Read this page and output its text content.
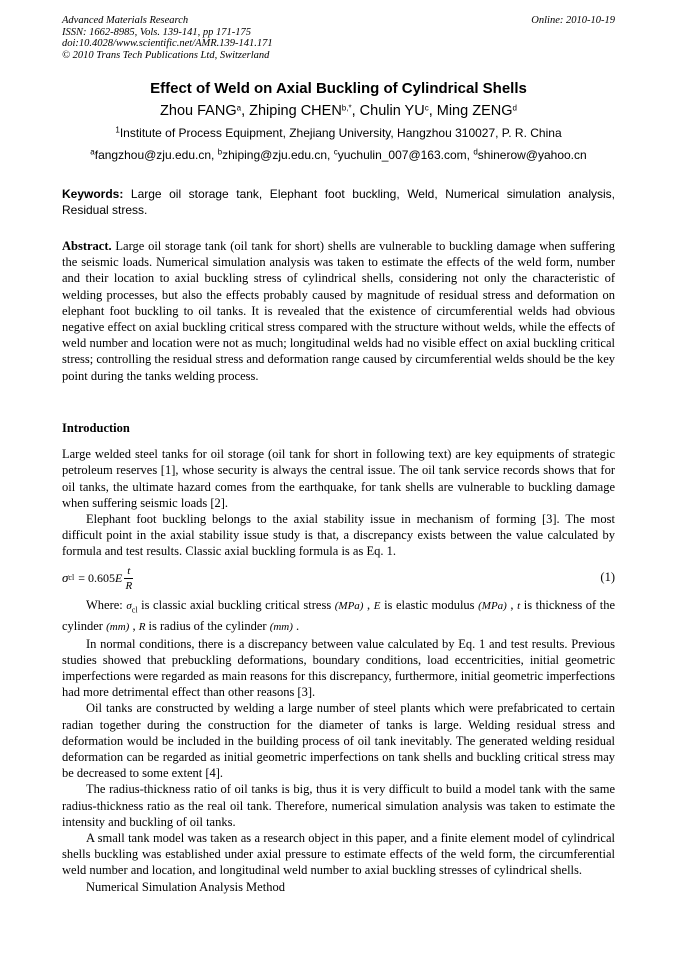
Advanced Materials Research
ISSN: 1662-8985, Vols. 139-141, pp 171-175
doi:10.4028/www.scientific.net/AMR.139-141.171
© 2010 Trans Tech Publications Ltd, Switzerland
Online: 2010-10-19
Effect of Weld on Axial Buckling of Cylindrical Shells
Zhou FANG$^a$, Zhiping $CHEN^{b,*}$, Chulin $YU^c$, Ming ZENG$^d$
$^1$Institute of Process Equipment, Zhejiang University, Hangzhou 310027, P. R. China
$^a$fangzhou@zju.edu.cn, $^b$zhiping@zju.edu.cn, $^c$yuchulin_007@163.com, $^d$shinerow@yahoo.cn
Keywords: Large oil storage tank, Elephant foot buckling, Weld, Numerical simulation analysis, Residual stress.
Abstract. Large oil storage tank (oil tank for short) shells are vulnerable to buckling damage when suffering the seismic loads. Numerical simulation analysis was taken to estimate the effects of the weld form, number and their location to axial buckling stress of cylindrical shells, considering not only the characteristic of welding processes, but also the effects probably caused by magnitude of residual stress and deformation on elephant foot buckling to oil tanks. It is revealed that the existence of circumferential welds had obvious negative effect on axial buckling critical stress compared with the structure without welds, while the effects of weld number and location were not as much; longitudinal welds had no visible effect on axial buckling critical stress; controlling the residual stress and deformation range caused by circumferential welds should be the key point during the tanks welding process.
Introduction

Large welded steel tanks for oil storage (oil tank for short in following text) are key equipments of strategic petroleum reserves [1], whose security is always the central issue. The oil tank service records shows that for oil tanks, the ultimate hazard comes from the earthquake, for tank shells are vulnerable to buckling damage when suffering seismic loads [2].

Elephant foot buckling belongs to the axial stability issue in mechanism of forming [3]. The most difficult point in the axial stability issue study is that, a discrepancy exists between the value calculated by formula and test results. Classic axial buckling formula is as Eq. 1.

σ cl = 0.605 E $\frac{t}{R}$	(1)

Where: $\sigma_{cl}$ is classic axial buckling critical stress (MPa) , E is elastic modulus (MPa) , t is thickness of the cylinder (mm) , R is radius of the cylinder (mm) .

In normal conditions, there is a discrepancy between value calculated by Eq. 1 and test results. Previous studies showed that prebuckling deformations, boundary conditions, load eccentricities, initial geometric imperfections were regarded as main reasons for this discrepancy, furthermore, initial geometric imperfections had more detrimental effect than other reasons [3].

Oil tanks are constructed by welding a large number of steel plants which were prefabricated to certain radian together during the construction for the diameter of tanks is large. Welding residual stress and deformation would be included in the building process of oil tank inevitably. The generated welding residual deformation can be regarded as initial geometric imperfections on tank shells and buckling critical stress may be decreased to some extent [4].

The radius-thickness ratio of oil tanks is big, thus it is very difficult to build a model tank with the same radius-thickness ratio as the real oil tank. Therefore, numerical simulation analysis was taken to estimate the intensity and buckling of oil tanks.

A small tank model was taken as a research object in this paper, and a finite element model of cylindrical shells buckling was established under axial pressure to estimate effects of the weld form, the circumferential weld number and location, and longitudinal weld number to axial buckling stresses of cylindrical shells.

Numerical Simulation Analysis Method
